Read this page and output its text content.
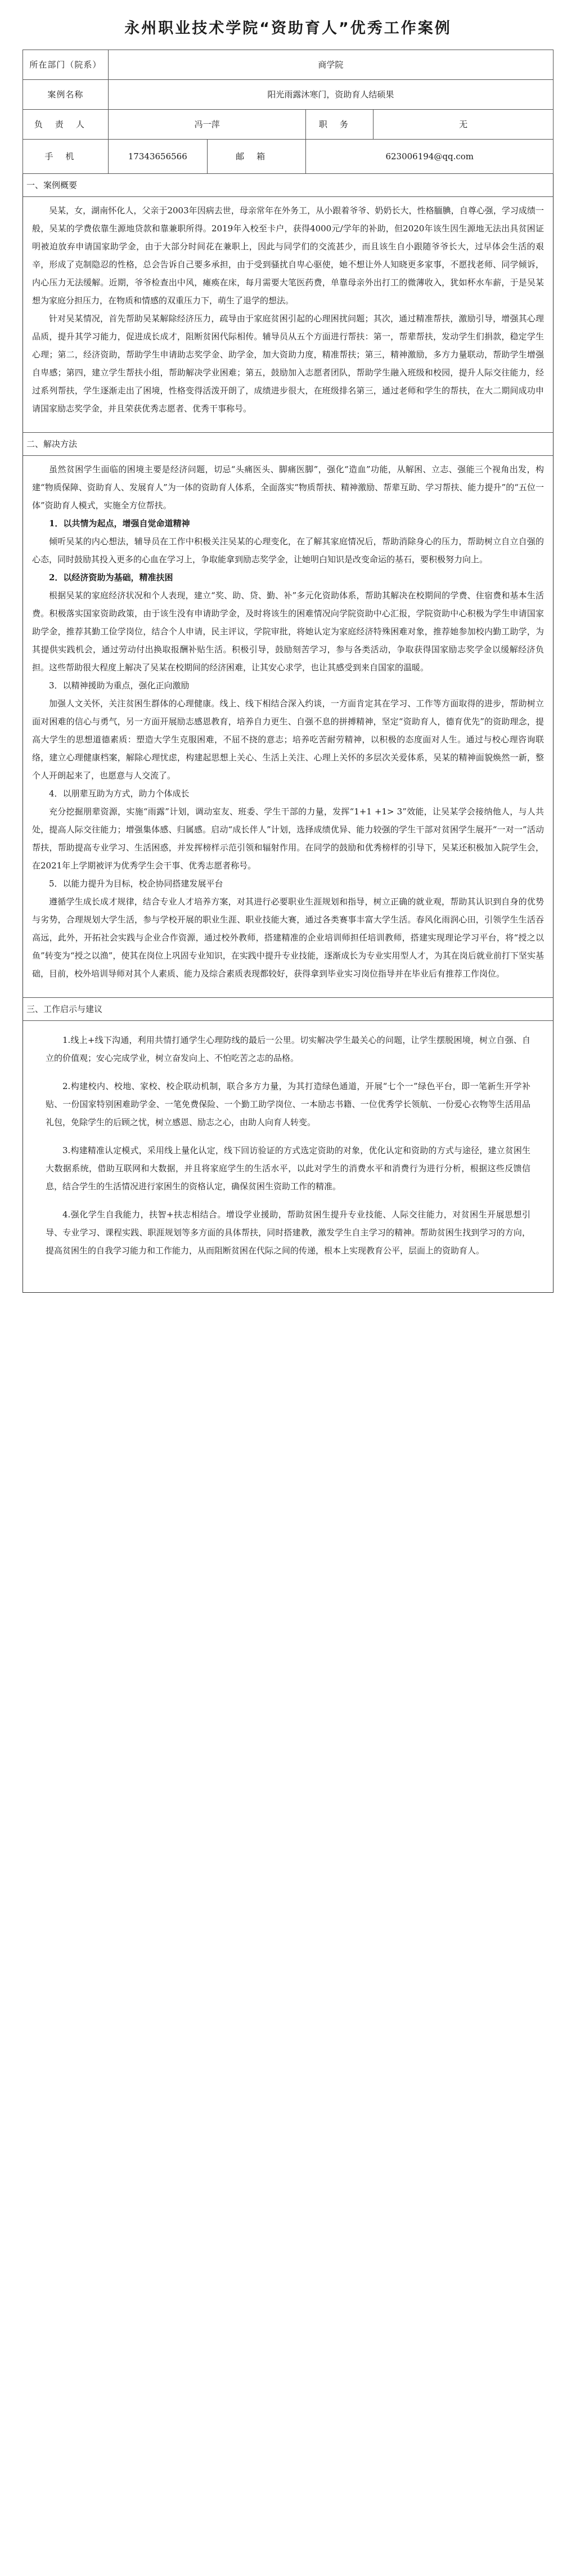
永州职业技术学院“资助育人”优秀工作案例
所在部门（院系）	商学院			
案例名称	阳光雨露沐寒门，资助育人结硕果			
负责人	冯一萍		职务	无
手机	17343656566	邮箱	623006194@qq.com	
一、案例概要

吴某，女，湖南怀化人，父亲于2003年因病去世，母亲常年在外务工，从小跟着爷爷、奶奶长大，性格腼腆，自尊心强，学习成绩一般，吴某的学费依靠生源地贷款和靠兼职所得。2019年入校至卡户，获得4000元/学年的补助，但2020年该生因生源地无法出具贫困证明被迫放弃申请国家助学金，由于大部分时间花在兼职上，因此与同学们的交流甚少，而且该生自小跟随爷爷长大，过早体会生活的艰辛，形成了克制隐忍的性格，总会告诉自己要多承担，由于受到骚扰自卑心驱使，她不想让外人知晓更多家事，不愿找老师、同学倾诉，内心压力无法缓解。近期，爷爷检查出中风，瘫痪在床，每月需要大笔医药费，单靠母亲外出打工的微薄收入，犹如杯水车薪，于是吴某想为家庭分担压力，在物质和情感的双重压力下，萌生了退学的想法。

针对吴某情况，首先帮助吴某解除经济压力，疏导由于家庭贫困引起的心理困扰问题；其次，通过精准帮扶，激励引导，增强其心理品质，提升其学习能力，促进成长成才，阻断贫困代际相传。辅导员从五个方面进行帮扶：第一，帮辈帮扶，发动学生们捐款，稳定学生心理；第二，经济资助，帮助学生申请助志奖学金、助学金，加大资助力度，精准帮扶；第三，精神激励，多方力量联动，帮助学生增强自卑感；第四，建立学生帮扶小组，帮助解决学业困难；第五，鼓励加入志愿者团队，帮助学生融入班级和校园，提升人际交往能力，经过系列帮扶，学生逐渐走出了困境，性格变得活泼开朗了，成绩进步很大，在班级排名第三，通过老师和学生的帮扶，在大二期间成功申请国家励志奖学金，并且荣获优秀志愿者、优秀干事称号。

二、解决方法

虽然贫困学生面临的困境主要是经济问题，切忌“头痛医头、脚痛医脚”，强化“造血”功能，从解困、立志、强能三个视角出发，构建“物质保障、资助育人、发展育人”为一体的资助育人体系，全面落实“物质帮扶、精神激励、帮辈互助、学习帮扶、能力提升”的“五位一体”资助育人模式，实施全方位帮扶。

1．以共情为起点，增强自觉命道精神

倾听吴某的内心想法，辅导员在工作中积极关注吴某的心理变化，在了解其家庭情况后，帮助消除身心的压力，帮助树立自立自强的心态，同时鼓励其投入更多的心血在学习上，争取能拿到励志奖学金，让她明白知识是改变命运的基石，要积极努力向上。

2．以经济资助为基础，精准扶困

根据吴某的家庭经济状况和个人表现，建立“奖、助、贷、勤、补”多元化资助体系，帮助其解决在校期间的学费、住宿费和基本生活费。积极落实国家资助政策，由于该生没有申请助学金，及时将该生的困难情况向学院资助中心汇报，学院资助中心积极为学生申请国家助学金，推荐其勤工俭学岗位，结合个人申请，民主评议，学院审批，将她认定为家庭经济特殊困难对象，推荐她参加校内勤工助学，为其提供实践机会，通过劳动付出换取报酬补贴生活。积极引导，鼓励刻苦学习，参与各类活动，争取获得国家励志奖学金以缓解经济负担。这些帮助很大程度上解决了吴某在校期间的经济困难，让其安心求学，也让其感受到来自国家的温暖。

3．以精神援助为重点，强化正向激励

加强人文关怀，关注贫困生群体的心理健康。线上、线下相结合深入约谈，一方面肯定其在学习、工作等方面取得的进步，帮助树立面对困难的信心与勇气，另一方面开展励志感恩教育，培养自力更生、自强不息的拼搏精神，坚定“资助育人，德育优先”的资助理念，提高大学生的思想道德素质：塑造大学生克服困难，不屈不挠的意志；培养吃苦耐劳精神，以积极的态度面对人生。通过与校心理咨询联络，建立心理健康档案，解除心理忧虑，构建起思想上关心、生活上关注、心理上关怀的多层次关爱体系，吴某的精神面貌焕然一新，整个人开朗起来了，也愿意与人交流了。

4．以朋辈互助为方式，助力个体成长

充分挖掘朋辈资源，实施“雨露”计划，调动室友、班委、学生干部的力量，发挥“1+1 +1> 3”效能，让吴某学会接纳他人，与人共处，提高人际交往能力；增强集体感、归属感。启动“成长伴人”计划，选择成绩优异、能力较强的学生干部对贫困学生展开“一对一”活动帮扶，帮助提高专业学习、生活困惑，并发挥榜样示范引领和辐射作用。在同学的鼓励和优秀榜样的引导下，吴某还积极加入院学生会，在2021年上学期被评为优秀学生会干事、优秀志愿者称号。

5．以能力提升为目标，校企协同搭建发展平台

遵循学生成长成才规律，结合专业人才培养方案，对其进行必要职业生涯规划和指导，树立正确的就业观，帮助其认识到自身的优势与劣势，合理规划大学生活，参与学校开展的职业生涯、职业技能大赛，通过各类赛事丰富大学生活。春风化雨润心田，引领学生生活吞高远，此外，开拓社会实践与企业合作资源，通过校外教师，搭建精准的企业培训师担任培训教师，搭建实现理论学习平台，将“授之以鱼”转变为“授之以渔”，使其在岗位上巩固专业知识，在实践中提升专业技能，逐渐成长为专业实用型人才，为其在岗后就业前打下坚实基础，目前，校外培训导师对其个人素质、能力及综合素质表现都较好，获得拿到毕业实习岗位指导并在毕业后有推荐工作岗位。

三、工作启示与建议

1.线上+线下沟通，利用共情打通学生心理防线的最后一公里。切实解决学生最关心的问题，让学生摆脱困境，树立自强、自立的价值观；安心完成学业，树立奋发向上、不怕吃苦之志的品格。

2.构建校内、校地、家校、校企联动机制，联合多方力量，为其打造绿色通道，开展“七个一”绿色平台，即一笔新生开学补贴、一份国家特别困难助学金、一笔免费保险、一个勤工助学岗位、一本励志书籍、一位优秀学长领航、一份爱心衣物等生活用品礼包，免除学生的后顾之忧，树立感恩、励志之心，由助人向育人转变。

3.构建精准认定模式，采用线上量化认定，线下回访验证的方式选定资助的对象，优化认定和资助的方式与途径，建立贫困生大数据系统，借助互联网和大数据，并且将家庭学生的生活水平，以此对学生的消费水平和消费行为进行分析，根据这些反馈信息，结合学生的生活情况进行家困生的资格认定，确保贫困生资助工作的精准。

4.强化学生自我能力，扶智+扶志相结合。增设学业援助，帮助贫困生提升专业技能、人际交往能力，对贫困生开展思想引导、专业学习、课程实践、职涯规划等多方面的具体帮扶，同时搭建教，激发学生自主学习的精神。帮助贫困生找到学习的方向，提高贫困生的自我学习能力和工作能力，从而阻断贫困在代际之间的传递，根本上实现教育公平，层面上的资助育人。
